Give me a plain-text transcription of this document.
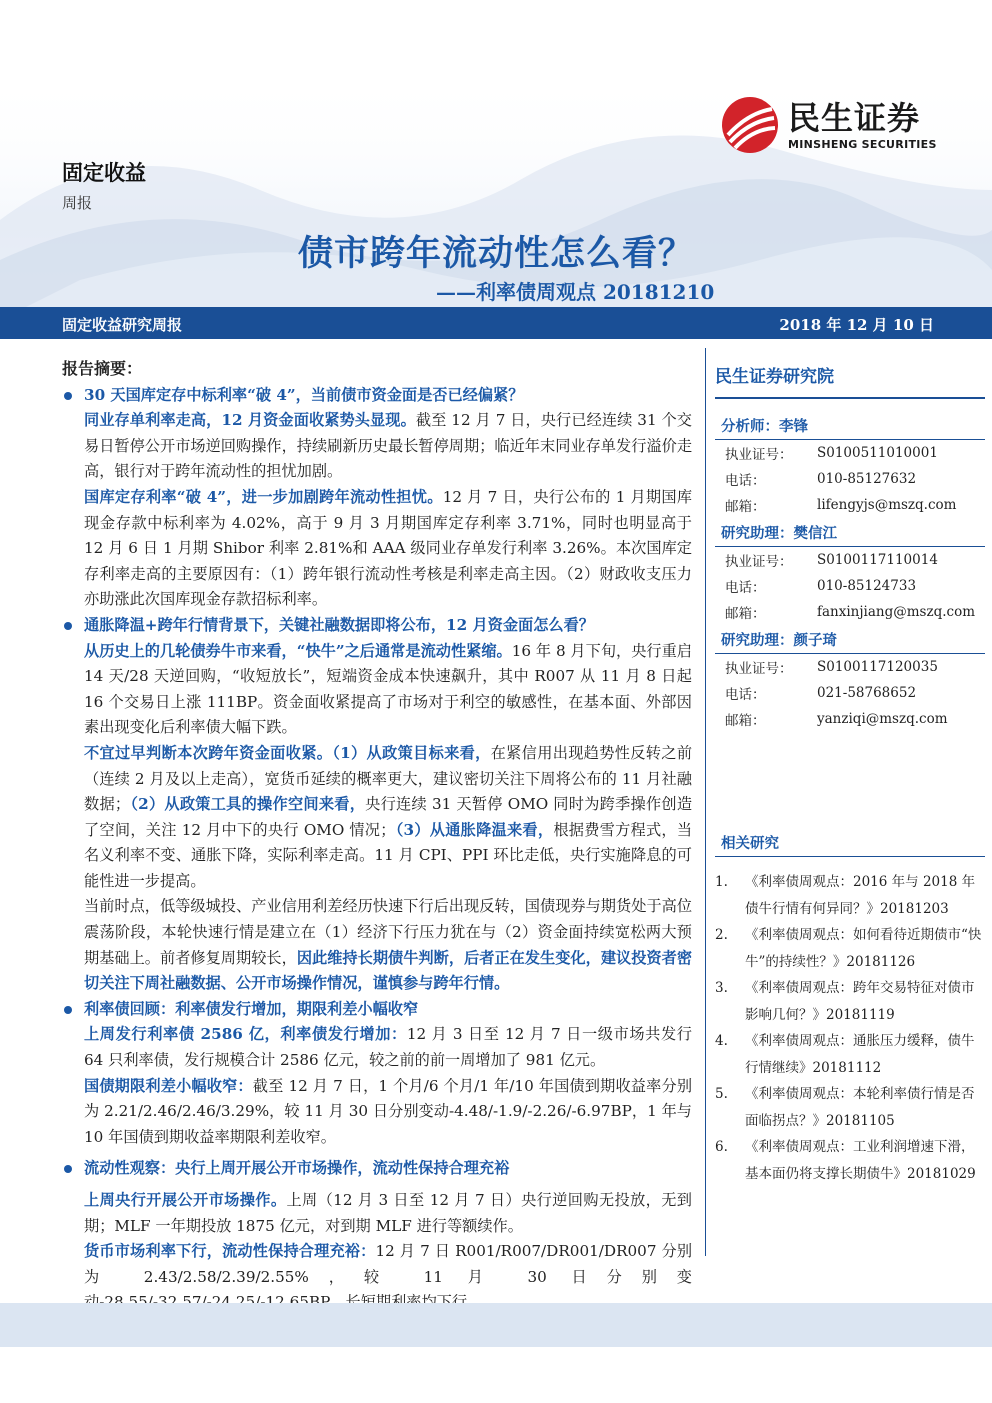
民生证券
MINSHENG SECURITIES
固定收益
周报
债市跨年流动性怎么看？
——利率债周观点 20181210
固定收益研究周报	2018 年 12 月 10 日
报告摘要：
30 天国库定存中标利率“破 4”，当前债市资金面是否已经偏紧？
同业存单利率走高，12 月资金面收紧势头显现。截至 12 月 7 日，央行已经连续 31 个交易日暂停公开市场逆回购操作，持续刷新历史最长暂停周期；临近年末同业存单发行溢价走高，银行对于跨年流动性的担忧加剧。
国库定存利率“破 4”，进一步加剧跨年流动性担忧。12 月 7 日，央行公布的 1 月期国库现金存款中标利率为 4.02%，高于 9 月 3 月期国库定存利率 3.71%，同时也明显高于 12 月 6 日 1 月期 Shibor 利率 2.81%和 AAA 级同业存单发行利率 3.26%。本次国库定存利率走高的主要原因有：（1）跨年银行流动性考核是利率走高主因。（2）财政收支压力亦助涨此次国库现金存款招标利率。
通胀降温+跨年行情背景下，关键社融数据即将公布，12 月资金面怎么看？
从历史上的几轮债券牛市来看，“快牛”之后通常是流动性紧缩。16 年 8 月下旬，央行重启 14 天/28 天逆回购，“收短放长”，短端资金成本快速飙升，其中 R007 从 11 月 8 日起 16 个交易日上涨 111BP。资金面收紧提高了市场对于利空的敏感性，在基本面、外部因素出现变化后利率债大幅下跌。
不宜过早判断本次跨年资金面收紧。（1）从政策目标来看，在紧信用出现趋势性反转之前（连续 2 月及以上走高），宽货币延续的概率更大，建议密切关注下周将公布的 11 月社融数据；（2）从政策工具的操作空间来看，央行连续 31 天暂停 OMO 同时为跨季操作创造了空间，关注 12 月中下的央行 OMO 情况；（3）从通胀降温来看，根据费雪方程式，当名义利率不变、通胀下降，实际利率走高。11 月 CPI、PPI 环比走低，央行实施降息的可能性进一步提高。
当前时点，低等级城投、产业信用利差经历快速下行后出现反转，国债现券与期货处于高位震荡阶段，本轮快速行情是建立在（1）经济下行压力犹在与（2）资金面持续宽松两大预期基础上。前者修复周期较长，因此维持长期债牛判断，后者正在发生变化，建议投资者密切关注下周社融数据、公开市场操作情况，谨慎参与跨年行情。
利率债回顾：利率债发行增加，期限利差小幅收窄
上周发行利率债 2586 亿，利率债发行增加：12 月 3 日至 12 月 7 日一级市场共发行 64 只利率债，发行规模合计 2586 亿元，较之前的前一周增加了 981 亿元。
国债期限利差小幅收窄：截至 12 月 7 日，1 个月/6 个月/1 年/10 年国债到期收益率分别为 2.21/2.46/2.46/3.29%，较 11 月 30 日分别变动-4.48/-1.9/-2.26/-6.97BP，1 年与 10 年国债到期收益率期限利差收窄。
流动性观察：央行上周开展公开市场操作，流动性保持合理充裕
上周央行开展公开市场操作。上周（12 月 3 日至 12 月 7 日）央行逆回购无投放，无到期；MLF 一年期投放 1875 亿元，对到期 MLF 进行等额续作。
货币市场利率下行，流动性保持合理充裕：12 月 7 日 R001/R007/DR001/DR007 分别为 2.43/2.58/2.39/2.55%，较 11 月 30 日分别变
民生证券研究院
分析师：李锋
执业证号：	S0100511010001
电话：	010-85127632
邮箱：	lifengyjs@mszq.com
研究助理：樊信江
执业证号：	S0100117110014
电话：	010-85124733
邮箱：	fanxinjiang@mszq.com
研究助理：颜子琦
执业证号：	S0100117120035
电话：	021-58768652
邮箱：	yanziqi@mszq.com
相关研究
1.	《利率债周观点：2016 年与 2018 年债牛行情有何异同？》20181203
2.	《利率债周观点：如何看待近期债市“快牛”的持续性？》20181126
3.	《利率债周观点：跨年交易特征对债市影响几何？》20181119
4.	《利率债周观点：通胀压力缓释，债牛行情继续》20181112
5.	《利率债周观点：本轮利率债行情是否面临拐点？》20181105
6.	《利率债周观点：工业利润增速下滑，基本面仍将支撑长期债牛》20181029
